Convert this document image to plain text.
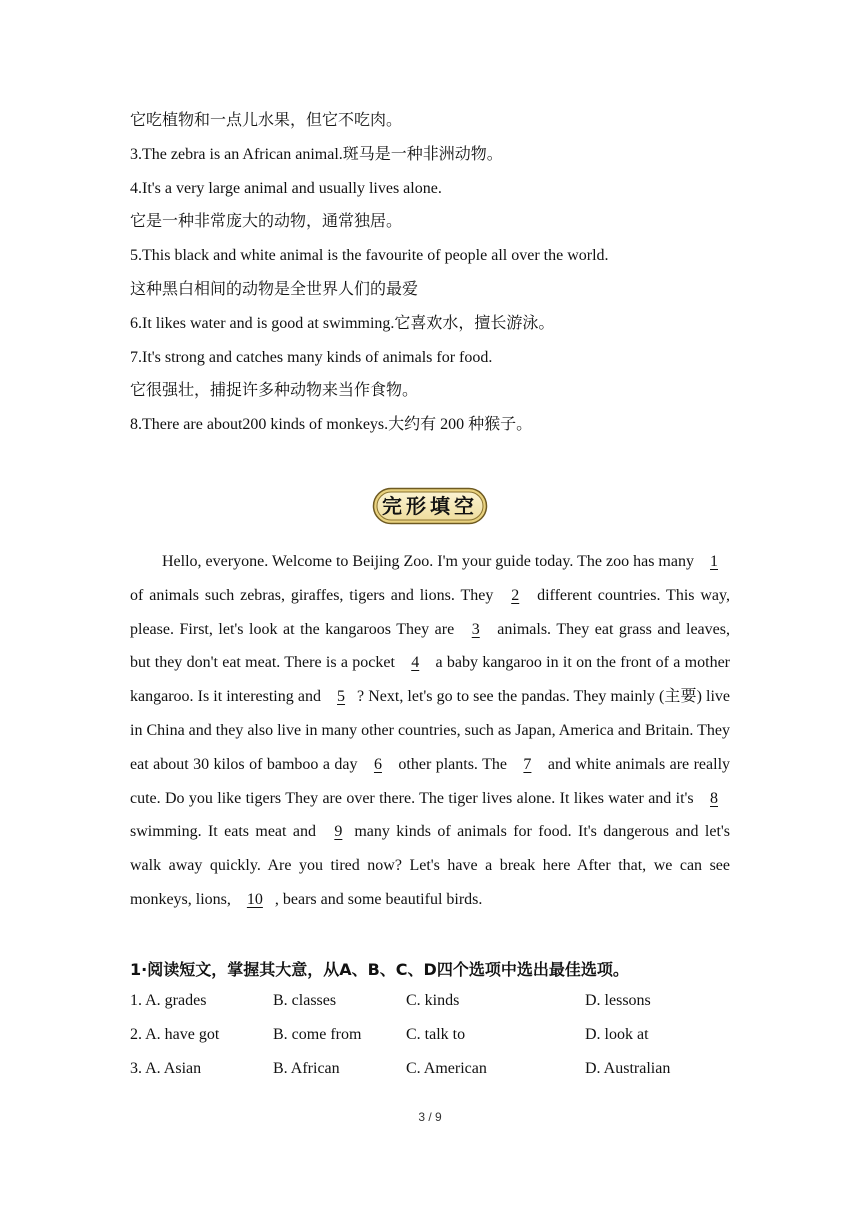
它吃植物和一点儿水果，但它不吃肉。
3.The zebra is an African animal.斑马是一种非洲动物。
4.It's a very large animal and usually lives alone.
它是一种非常庞大的动物，通常独居。
5.This black and white animal is the favourite of people all over the world.
这种黑白相间的动物是全世界人们的最爱
6.It likes water and is good at swimming.它喜欢水，擅长游泳。
7.It's strong and catches many kinds of animals for food.
它很强壮，捕捉许多种动物来当作食物。
8.There are about200 kinds of monkeys.大约有 200 种猴子。
完形填空

  Hello, everyone. Welcome to Beijing Zoo. I'm your guide today. The zoo has many 1 of animals such zebras, giraffes, tigers and lions. They 2 different countries. This way, please. First, let's look at the kangaroos They are 3 animals. They eat grass and leaves, but they don't eat meat. There is a pocket 4 a baby kangaroo in it on the front of a mother kangaroo. Is it interesting and 5 ? Next, let's go to see the pandas. They mainly (主要) live in China and they also live in many other countries, such as Japan, America and Britain. They eat about 30 kilos of bamboo a day 6 other plants. The 7 and white animals are really cute. Do you like tigers They are over there. The tiger lives alone. It likes water and it's 8 swimming. It eats meat and 9 many kinds of animals for food. It's dangerous and let's walk away quickly. Are you tired now? Let's have a break here After that, we can see monkeys, lions, 10 , bears and some beautiful birds.

1·阅读短文，掌握其大意，从A、B、C、D四个选项中选出最佳选项。
1. A. grades	B. classes	C. kinds	D. lessons
2. A. have got	B. come from	C. talk to	D. look at
3. A. Asian	B. African	C. American	D. Australian
3 / 9
